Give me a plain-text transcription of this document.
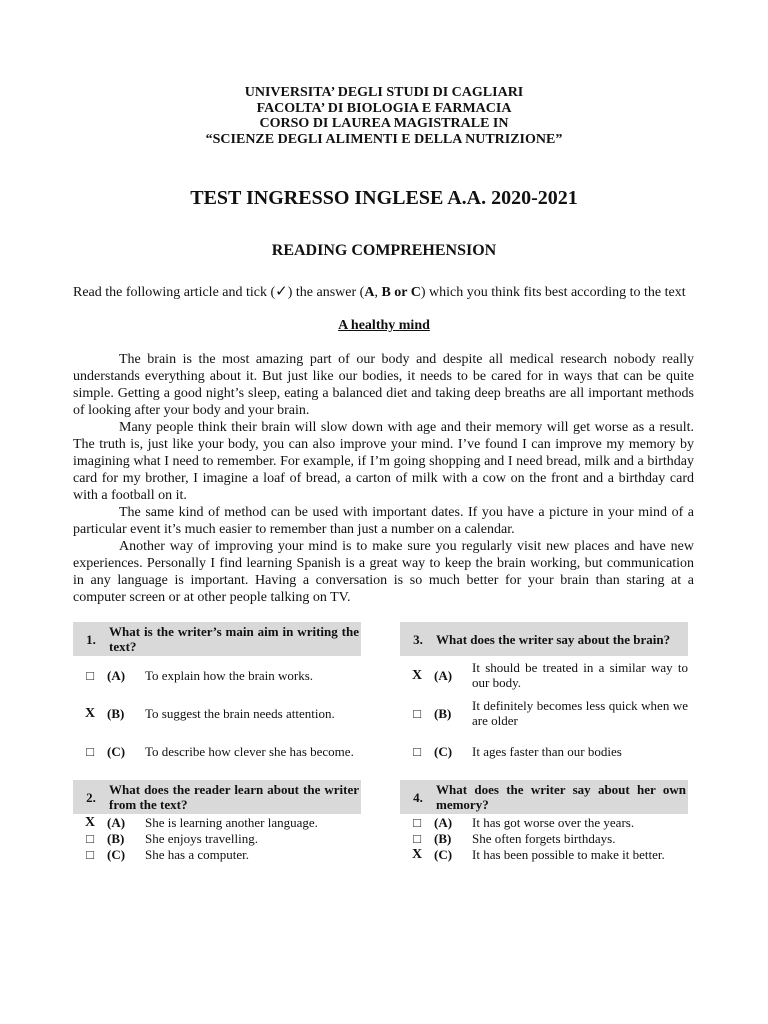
UNIVERSITA’ DEGLI STUDI DI CAGLIARI
FACOLTA’ DI BIOLOGIA E FARMACIA
CORSO DI LAUREA MAGISTRALE IN
“SCIENZE DEGLI ALIMENTI E DELLA NUTRIZIONE”
TEST INGRESSO INGLESE A.A. 2020-2021
READING COMPREHENSION
Read the following article and tick (✓) the answer (A, B or C) which you think fits best according to the text
A healthy mind

The brain is the most amazing part of our body and despite all medical research nobody really understands everything about it. But just like our bodies, it needs to be cared for in ways that can be quite simple. Getting a good night’s sleep, eating a balanced diet and taking deep breaths are all important methods of looking after your body and your brain.

Many people think their brain will slow down with age and their memory will get worse as a result. The truth is, just like your body, you can also improve your mind. I’ve found I can improve my memory by imagining what I need to remember. For example, if I’m going shopping and I need bread, milk and a birthday card for my brother, I imagine a loaf of bread, a carton of milk with a cow on the front and a birthday card with a football on it.

The same kind of method can be used with important dates. If you have a picture in your mind of a particular event it’s much easier to remember than just a number on a calendar.

Another way of improving your mind is to make sure you regularly visit new places and have new experiences. Personally I find learning Spanish is a great way to keep the brain working, but communication in any language is important. Having a conversation is so much better for your brain than staring at a computer screen or at other people talking on TV.

1.	What is the writer’s main aim in writing the text?
□	(A)	To explain how the brain works.
X (B)	To suggest the brain needs attention.
□	(C)	To describe how clever she has become.
2.	What does the reader learn about the writer from the text?
X (A)	She is learning another language.
□	(B)	She enjoys travelling.
□	(C)	She has a computer.
3.	What does the writer say about the brain?
X (A)	It should be treated in a similar way to our body.
□	(B)	It definitely becomes less quick when we are older
□	(C)	It ages faster than our bodies
4.	What does the writer say about her own memory?
□	(A)	It has got worse over the years.
□	(B)	She often forgets birthdays.
X (C)	It has been possible to make it better.
